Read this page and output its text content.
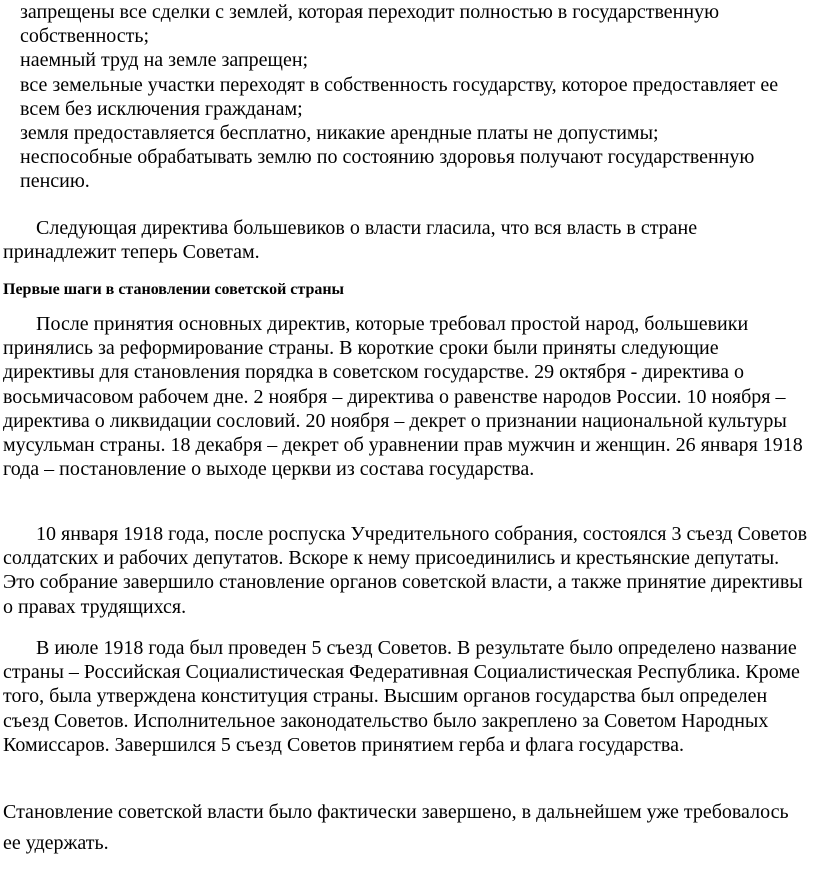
запрещены все сделки с землей, которая переходит полностью в государственную собственность;
наемный труд на земле запрещен;
все земельные участки переходят в собственность государству, которое предоставляет ее всем без исключения гражданам;
земля предоставляется бесплатно, никакие арендные платы не допустимы;
неспособные обрабатывать землю по состоянию здоровья получают государственную пенсию.

Следующая директива большевиков о власти гласила, что вся власть в стране принадлежит теперь Советам.

Первые шаги в становлении советской страны

После принятия основных директив, которые требовал простой народ, большевики принялись за реформирование страны. В короткие сроки были приняты следующие директивы для становления порядка в советском государстве. 29 октября - директива о восьмичасовом рабочем дне. 2 ноября – директива о равенстве народов России. 10 ноября – директива о ликвидации сословий. 20 ноября – декрет о признании национальной культуры мусульман страны. 18 декабря – декрет об уравнении прав мужчин и женщин. 26 января 1918 года – постановление о выходе церкви из состава государства.

10 января 1918 года, после роспуска Учредительного собрания, состоялся 3 съезд Советов солдатских и рабочих депутатов. Вскоре к нему присоединились и крестьянские депутаты. Это собрание завершило становление органов советской власти, а также принятие директивы о правах трудящихся.

В июле 1918 года был проведен 5 съезд Советов. В результате было определено название страны – Российская Социалистическая Федеративная Социалистическая Республика. Кроме того, была утверждена конституция страны. Высшим органов государства был определен съезд Советов. Исполнительное законодательство было закреплено за Советом Народных Комиссаров. Завершился 5 съезд Советов принятием герба и флага государства.

Становление советской власти было фактически завершено, в дальнейшем уже требовалось ее удержать.
